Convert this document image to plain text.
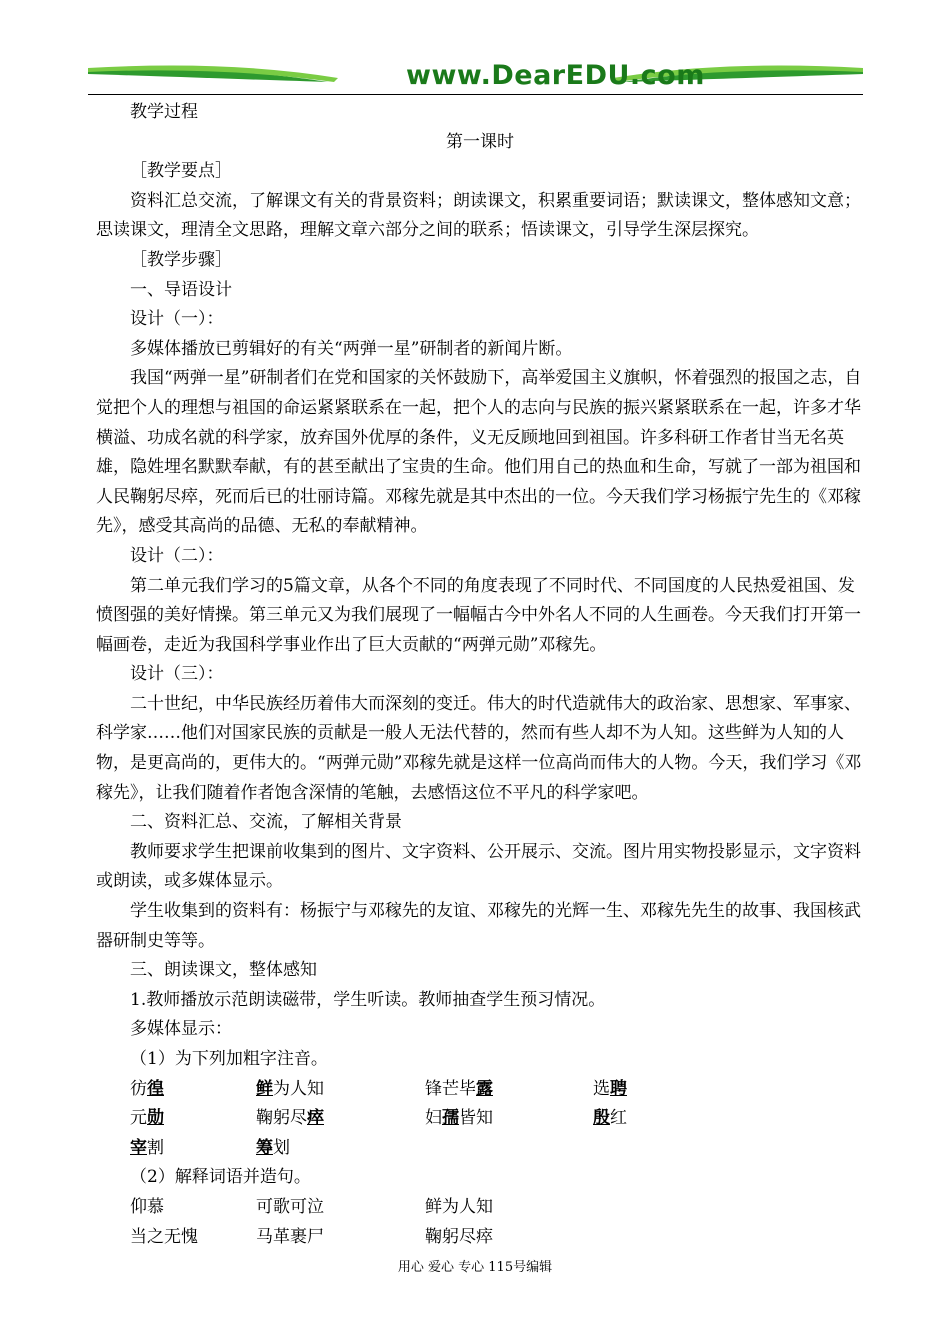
www.DearEDU.com

教学过程

第一课时

［教学要点］

资料汇总交流，了解课文有关的背景资料；朗读课文，积累重要词语；默读课文，整体感知文意；思读课文，理清全文思路，理解文章六部分之间的联系；悟读课文，引导学生深层探究。

［教学步骤］

一、导语设计

设计（一）：

多媒体播放已剪辑好的有关“两弹一星”研制者的新闻片断。

我国“两弹一星”研制者们在党和国家的关怀鼓励下，高举爱国主义旗帜，怀着强烈的报国之志，自觉把个人的理想与祖国的命运紧紧联系在一起，把个人的志向与民族的振兴紧紧联系在一起，许多才华横溢、功成名就的科学家，放弃国外优厚的条件，义无反顾地回到祖国。许多科研工作者甘当无名英雄，隐姓埋名默默奉献，有的甚至献出了宝贵的生命。他们用自己的热血和生命，写就了一部为祖国和人民鞠躬尽瘁，死而后已的壮丽诗篇。邓稼先就是其中杰出的一位。今天我们学习杨振宁先生的《邓稼先》，感受其高尚的品德、无私的奉献精神。

设计（二）：

第二单元我们学习的5篇文章，从各个不同的角度表现了不同时代、不同国度的人民热爱祖国、发愤图强的美好情操。第三单元又为我们展现了一幅幅古今中外名人不同的人生画卷。今天我们打开第一幅画卷，走近为我国科学事业作出了巨大贡献的“两弹元勋”邓稼先。

设计（三）：

二十世纪，中华民族经历着伟大而深刻的变迁。伟大的时代造就伟大的政治家、思想家、军事家、科学家……他们对国家民族的贡献是一般人无法代替的，然而有些人却不为人知。这些鲜为人知的人物，是更高尚的，更伟大的。“两弹元勋”邓稼先就是这样一位高尚而伟大的人物。今天，我们学习《邓稼先》，让我们随着作者饱含深情的笔触，去感悟这位不平凡的科学家吧。

二、资料汇总、交流，了解相关背景

教师要求学生把课前收集到的图片、文字资料、公开展示、交流。图片用实物投影显示，文字资料或朗读，或多媒体显示。

学生收集到的资料有：杨振宁与邓稼先的友谊、邓稼先的光辉一生、邓稼先先生的故事、我国核武器研制史等等。

三、朗读课文，整体感知

1.教师播放示范朗读磁带，学生听读。教师抽查学生预习情况。

多媒体显示：

（1）为下列加粗字注音。

彷徨	鲜为人知	锋芒毕露	选聘
元勋	鞠躬尽瘁	妇孺皆知	殷红
宰割	筹划

（2）解释词语并造句。

仰慕	可歌可泣	鲜为人知
当之无愧	马革裹尸	鞠躬尽瘁
用心 爱心 专心 115号编辑
